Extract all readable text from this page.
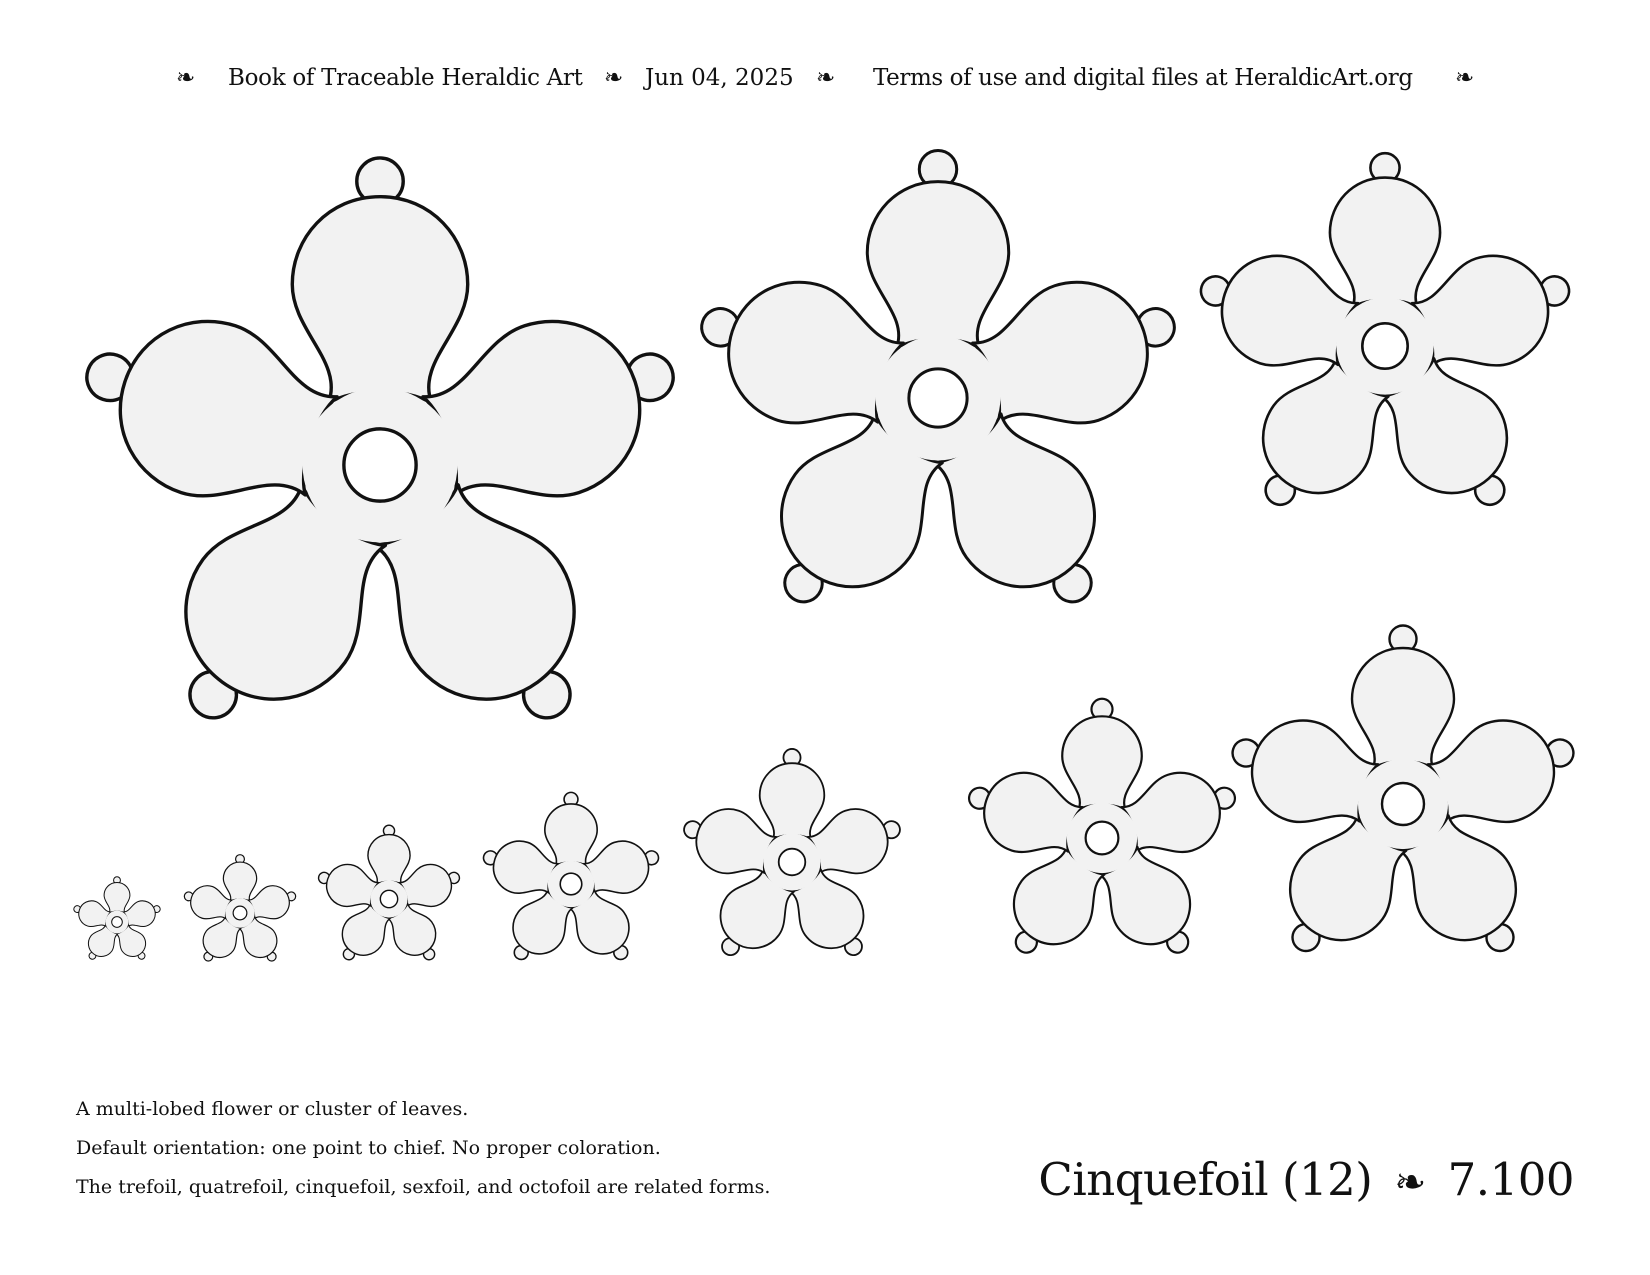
❧ Book of Traceable Heraldic Art ❧ Jun 04, 2025 ❧ Terms of use and digital files at HeraldicArt.org ❧
A multi-lobed flower or cluster of leaves.
Default orientation: one point to chief. No proper coloration.
The trefoil, quatrefoil, cinquefoil, sexfoil, and octofoil are related forms.	Cinquefoil (12) ❧ 7.100
